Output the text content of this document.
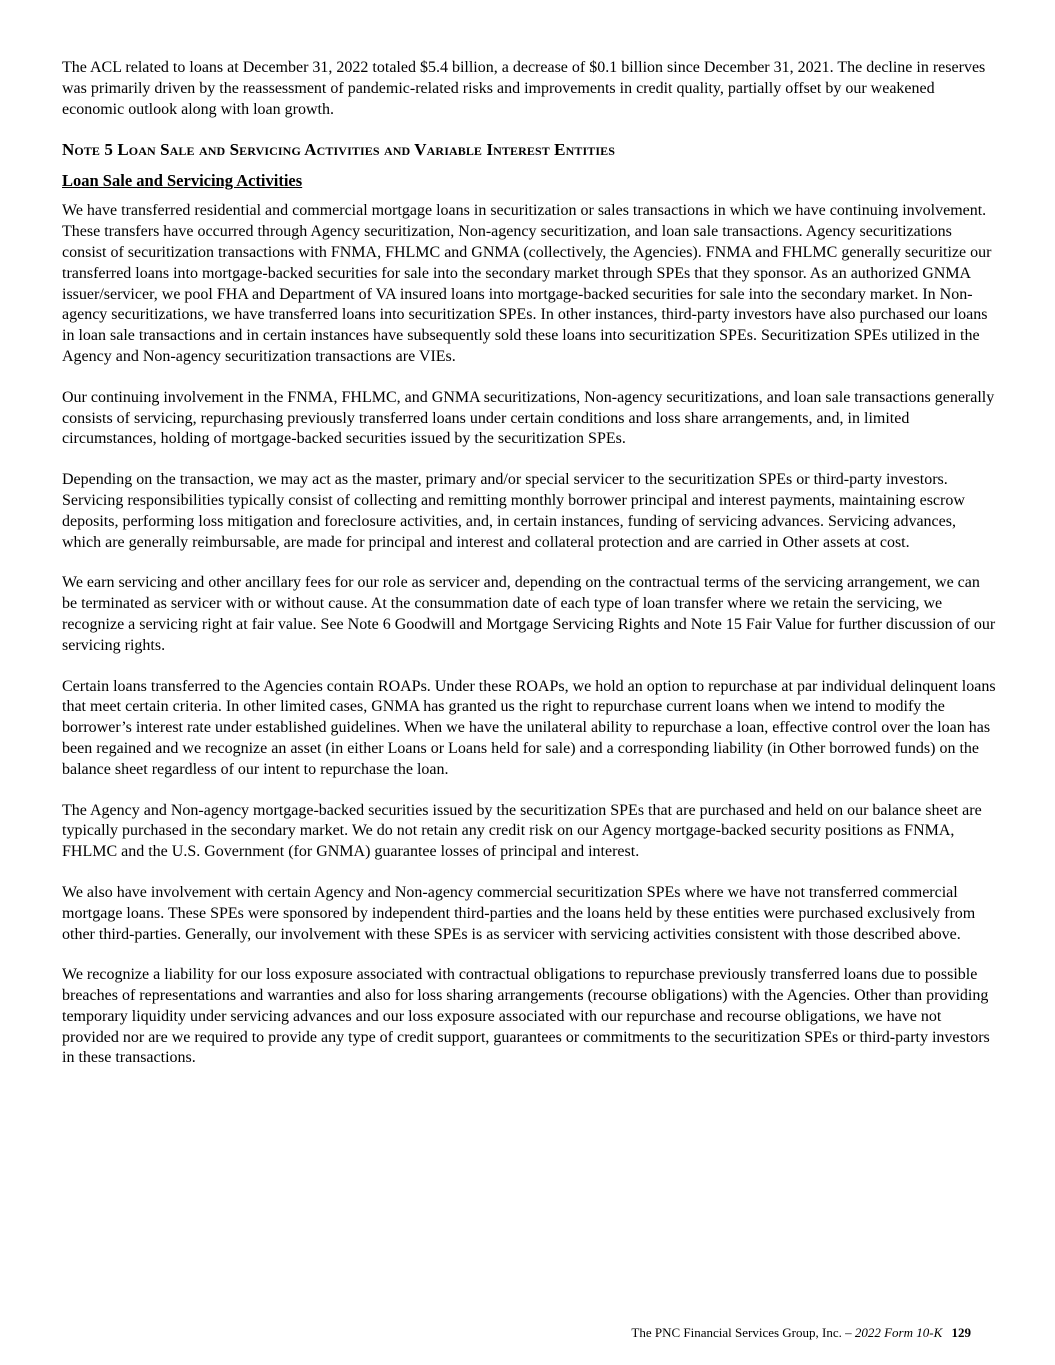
The ACL related to loans at December 31, 2022 totaled $5.4 billion, a decrease of $0.1 billion since December 31, 2021. The decline in reserves was primarily driven by the reassessment of pandemic-related risks and improvements in credit quality, partially offset by our weakened economic outlook along with loan growth.

Note 5 Loan Sale and Servicing Activities and Variable Interest Entities
Loan Sale and Servicing Activities

We have transferred residential and commercial mortgage loans in securitization or sales transactions in which we have continuing involvement. These transfers have occurred through Agency securitization, Non-agency securitization, and loan sale transactions. Agency securitizations consist of securitization transactions with FNMA, FHLMC and GNMA (collectively, the Agencies). FNMA and FHLMC generally securitize our transferred loans into mortgage-backed securities for sale into the secondary market through SPEs that they sponsor. As an authorized GNMA issuer/servicer, we pool FHA and Department of VA insured loans into mortgage-backed securities for sale into the secondary market. In Non-agency securitizations, we have transferred loans into securitization SPEs. In other instances, third-party investors have also purchased our loans in loan sale transactions and in certain instances have subsequently sold these loans into securitization SPEs. Securitization SPEs utilized in the Agency and Non-agency securitization transactions are VIEs.

Our continuing involvement in the FNMA, FHLMC, and GNMA securitizations, Non-agency securitizations, and loan sale transactions generally consists of servicing, repurchasing previously transferred loans under certain conditions and loss share arrangements, and, in limited circumstances, holding of mortgage-backed securities issued by the securitization SPEs.

Depending on the transaction, we may act as the master, primary and/or special servicer to the securitization SPEs or third-party investors. Servicing responsibilities typically consist of collecting and remitting monthly borrower principal and interest payments, maintaining escrow deposits, performing loss mitigation and foreclosure activities, and, in certain instances, funding of servicing advances. Servicing advances, which are generally reimbursable, are made for principal and interest and collateral protection and are carried in Other assets at cost.

We earn servicing and other ancillary fees for our role as servicer and, depending on the contractual terms of the servicing arrangement, we can be terminated as servicer with or without cause. At the consummation date of each type of loan transfer where we retain the servicing, we recognize a servicing right at fair value. See Note 6 Goodwill and Mortgage Servicing Rights and Note 15 Fair Value for further discussion of our servicing rights.

Certain loans transferred to the Agencies contain ROAPs. Under these ROAPs, we hold an option to repurchase at par individual delinquent loans that meet certain criteria. In other limited cases, GNMA has granted us the right to repurchase current loans when we intend to modify the borrower’s interest rate under established guidelines. When we have the unilateral ability to repurchase a loan, effective control over the loan has been regained and we recognize an asset (in either Loans or Loans held for sale) and a corresponding liability (in Other borrowed funds) on the balance sheet regardless of our intent to repurchase the loan.

The Agency and Non-agency mortgage-backed securities issued by the securitization SPEs that are purchased and held on our balance sheet are typically purchased in the secondary market. We do not retain any credit risk on our Agency mortgage-backed security positions as FNMA, FHLMC and the U.S. Government (for GNMA) guarantee losses of principal and interest.

We also have involvement with certain Agency and Non-agency commercial securitization SPEs where we have not transferred commercial mortgage loans. These SPEs were sponsored by independent third-parties and the loans held by these entities were purchased exclusively from other third-parties. Generally, our involvement with these SPEs is as servicer with servicing activities consistent with those described above.

We recognize a liability for our loss exposure associated with contractual obligations to repurchase previously transferred loans due to possible breaches of representations and warranties and also for loss sharing arrangements (recourse obligations) with the Agencies. Other than providing temporary liquidity under servicing advances and our loss exposure associated with our repurchase and recourse obligations, we have not provided nor are we required to provide any type of credit support, guarantees or commitments to the securitization SPEs or third-party investors in these transactions.

The PNC Financial Services Group, Inc. – 2022 Form 10-K 129
